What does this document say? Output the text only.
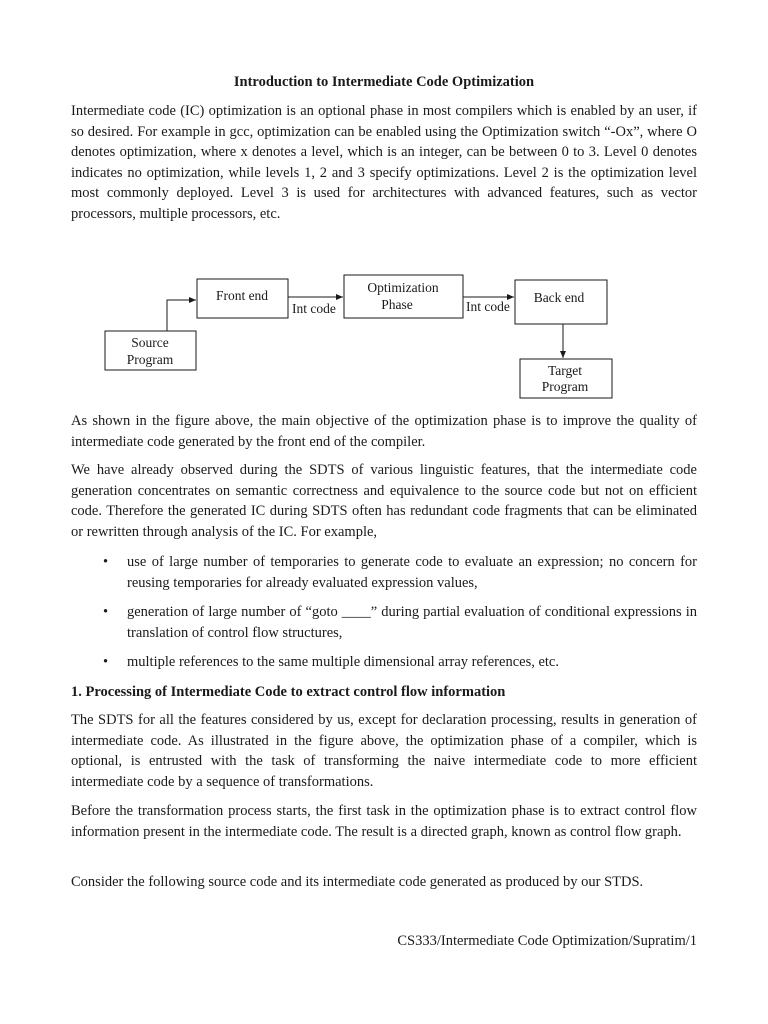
Introduction to Intermediate Code Optimization

Intermediate code (IC) optimization is an optional phase in most compilers which is enabled by an user, if so desired. For example in gcc, optimization can be enabled using the Optimization switch “-Ox”, where O denotes optimization, where x denotes a level, which is an integer, can be between 0 to 3. Level 0 denotes indicates no optimization, while levels 1, 2 and 3 specify optimizations. Level 2 is the optimization level most commonly deployed. Level 3 is used for architectures with advanced features, such as vector processors, multiple processors, etc.

Source
Program
Front end
Optimization
Phase	Back end
Target
Program
Int code	Int code

As shown in the figure above, the main objective of the optimization phase is to improve the quality of intermediate code generated by the front end of the compiler.

We have already observed during the SDTS of various linguistic features, that the intermediate code generation concentrates on semantic correctness and equivalence to the source code but not on efficient code. Therefore the generated IC during SDTS often has redundant code fragments that can be eliminated or rewritten through analysis of the IC. For example,

• use of large number of temporaries to generate code to evaluate an expression; no concern for reusing temporaries for already evaluated expression values,
• generation of large number of “goto ____” during partial evaluation of conditional expressions in translation of control flow structures,
• multiple references to the same multiple dimensional array references, etc.
1. Processing of Intermediate Code to extract control flow information

The SDTS for all the features considered by us, except for declaration processing, results in generation of intermediate code. As illustrated in the figure above, the optimization phase of a compiler, which is optional, is entrusted with the task of transforming the naive intermediate code to more efficient intermediate code by a sequence of transformations.

Before the transformation process starts, the first task in the optimization phase is to extract control flow information present in the intermediate code. The result is a directed graph, known as control flow graph.

Consider the following source code and its intermediate code generated as produced by our STDS.

CS333/Intermediate Code Optimization/Supratim/1
